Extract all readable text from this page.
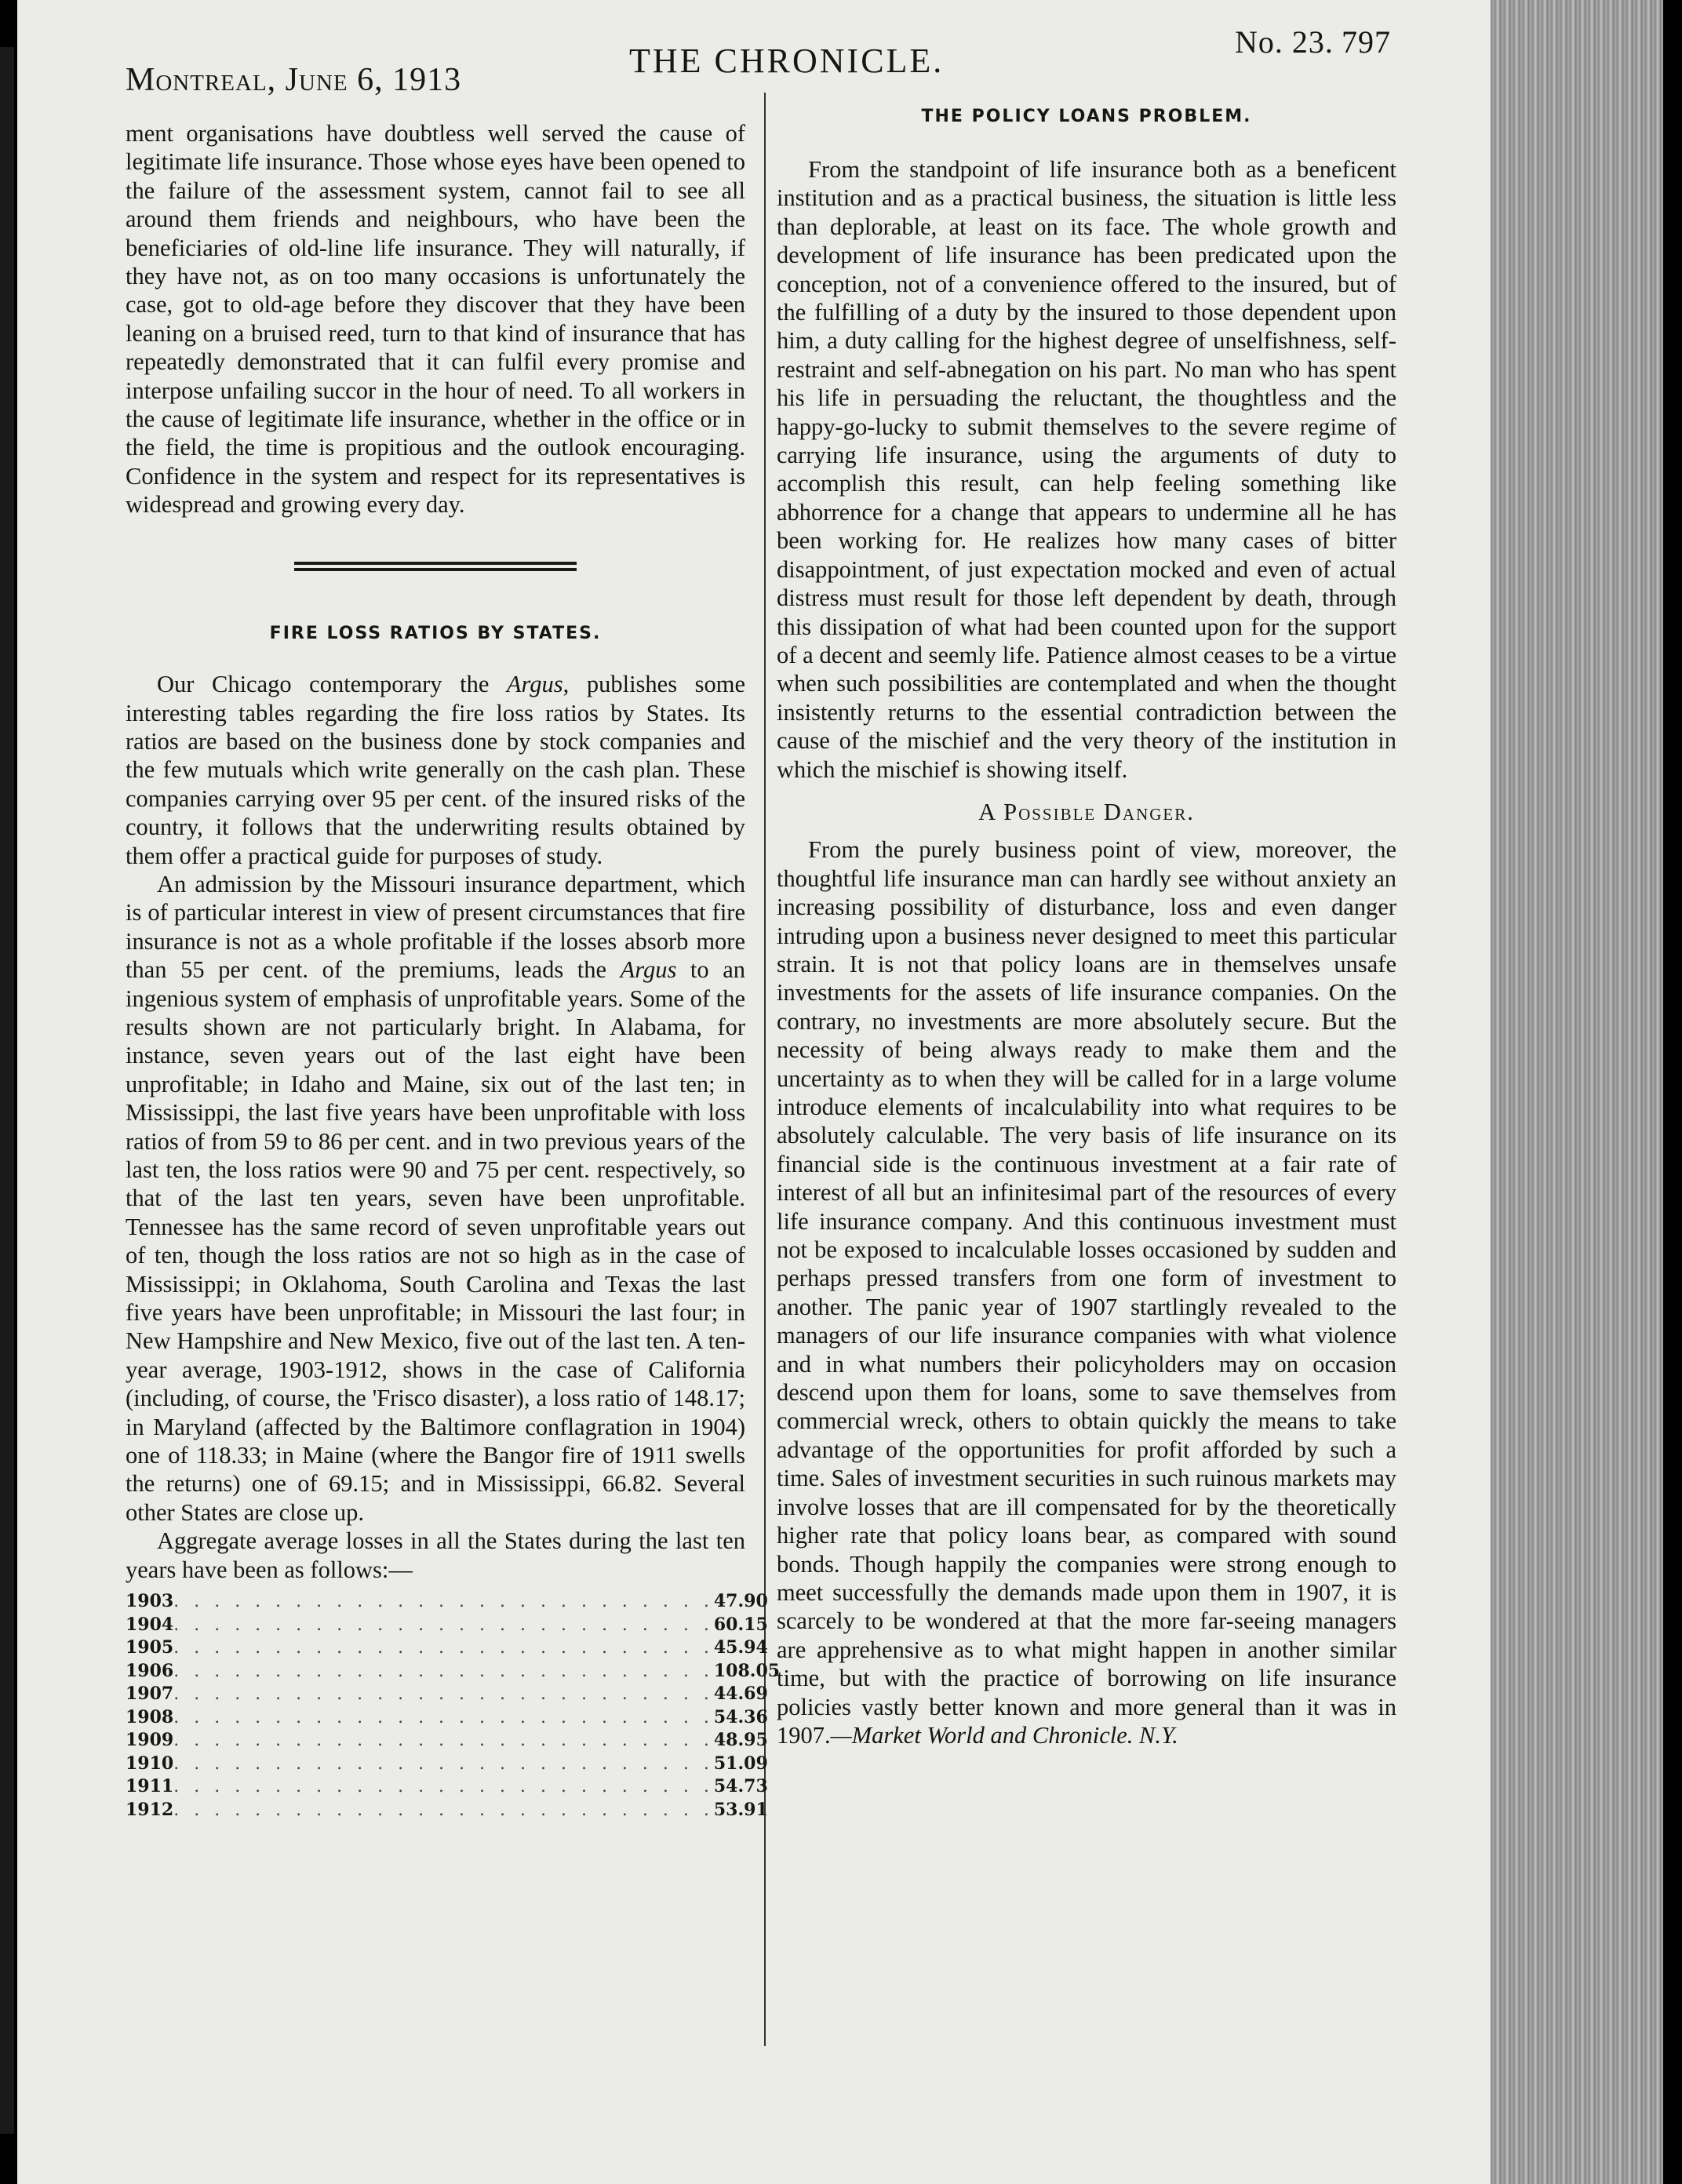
Montreal, June 6, 1913	THE CHRONICLE.	No. 23. 797

ment organisations have doubtless well served the cause of legitimate life insurance. Those whose eyes have been opened to the failure of the assessment system, cannot fail to see all around them friends and neighbours, who have been the beneficiaries of old-line life insurance. They will naturally, if they have not, as on too many occasions is unfortunately the case, got to old-age before they discover that they have been leaning on a bruised reed, turn to that kind of insurance that has repeatedly demonstrated that it can fulfil every promise and interpose unfailing succor in the hour of need. To all workers in the cause of legitimate life insurance, whether in the office or in the field, the time is propitious and the outlook encouraging. Confidence in the system and respect for its representatives is widespread and growing every day.

FIRE LOSS RATIOS BY STATES.

Our Chicago contemporary the Argus, publishes some interesting tables regarding the fire loss ratios by States. Its ratios are based on the business done by stock companies and the few mutuals which write generally on the cash plan. These companies carrying over 95 per cent. of the insured risks of the country, it follows that the underwriting results obtained by them offer a practical guide for purposes of study.

An admission by the Missouri insurance department, which is of particular interest in view of present circumstances that fire insurance is not as a whole profitable if the losses absorb more than 55 per cent. of the premiums, leads the Argus to an ingenious system of emphasis of unprofitable years. Some of the results shown are not particularly bright. In Alabama, for instance, seven years out of the last eight have been unprofitable; in Idaho and Maine, six out of the last ten; in Mississippi, the last five years have been unprofitable with loss ratios of from 59 to 86 per cent. and in two previous years of the last ten, the loss ratios were 90 and 75 per cent. respectively, so that of the last ten years, seven have been unprofitable. Tennessee has the same record of seven unprofitable years out of ten, though the loss ratios are not so high as in the case of Mississippi; in Oklahoma, South Carolina and Texas the last five years have been unprofitable; in Missouri the last four; in New Hampshire and New Mexico, five out of the last ten. A ten-year average, 1903-1912, shows in the case of California (including, of course, the 'Frisco disaster), a loss ratio of 148.17; in Maryland (affected by the Baltimore conflagration in 1904) one of 118.33; in Maine (where the Bangor fire of 1911 swells the returns) one of 69.15; and in Mississippi, 66.82. Several other States are close up.

Aggregate average losses in all the States during the last ten years have been as follows:—

1903 . . . . . . . . . . . . . . . . . . . . . . . . . . . 47.90
1904 . . . . . . . . . . . . . . . . . . . . . . . . . . . 60.15
1905 . . . . . . . . . . . . . . . . . . . . . . . . . . . 45.94
1906 . . . . . . . . . . . . . . . . . . . . . . . . . . . 108.05
1907 . . . . . . . . . . . . . . . . . . . . . . . . . . . 44.69
1908 . . . . . . . . . . . . . . . . . . . . . . . . . . . 54.36
1909 . . . . . . . . . . . . . . . . . . . . . . . . . . . 48.95
1910 . . . . . . . . . . . . . . . . . . . . . . . . . . . 51.09
1911 . . . . . . . . . . . . . . . . . . . . . . . . . . . 54.73
1912 . . . . . . . . . . . . . . . . . . . . . . . . . . . 53.91
THE POLICY LOANS PROBLEM.

From the standpoint of life insurance both as a beneficent institution and as a practical business, the situation is little less than deplorable, at least on its face. The whole growth and development of life insurance has been predicated upon the conception, not of a convenience offered to the insured, but of the fulfilling of a duty by the insured to those dependent upon him, a duty calling for the highest degree of unselfishness, self-restraint and self-abnegation on his part. No man who has spent his life in persuading the reluctant, the thoughtless and the happy-go-lucky to submit themselves to the severe regime of carrying life insurance, using the arguments of duty to accomplish this result, can help feeling something like abhorrence for a change that appears to undermine all he has been working for. He realizes how many cases of bitter disappointment, of just expectation mocked and even of actual distress must result for those left dependent by death, through this dissipation of what had been counted upon for the support of a decent and seemly life. Patience almost ceases to be a virtue when such possibilities are contemplated and when the thought insistently returns to the essential contradiction between the cause of the mischief and the very theory of the institution in which the mischief is showing itself.

A Possible Danger.

From the purely business point of view, moreover, the thoughtful life insurance man can hardly see without anxiety an increasing possibility of disturbance, loss and even danger intruding upon a business never designed to meet this particular strain. It is not that policy loans are in themselves unsafe investments for the assets of life insurance companies. On the contrary, no investments are more absolutely secure. But the necessity of being always ready to make them and the uncertainty as to when they will be called for in a large volume introduce elements of incalculability into what requires to be absolutely calculable. The very basis of life insurance on its financial side is the continuous investment at a fair rate of interest of all but an infinitesimal part of the resources of every life insurance company. And this continuous investment must not be exposed to incalculable losses occasioned by sudden and perhaps pressed transfers from one form of investment to another. The panic year of 1907 startlingly revealed to the managers of our life insurance companies with what violence and in what numbers their policyholders may on occasion descend upon them for loans, some to save themselves from commercial wreck, others to obtain quickly the means to take advantage of the opportunities for profit afforded by such a time. Sales of investment securities in such ruinous markets may involve losses that are ill compensated for by the theoretically higher rate that policy loans bear, as compared with sound bonds. Though happily the companies were strong enough to meet successfully the demands made upon them in 1907, it is scarcely to be wondered at that the more far-seeing managers are apprehensive as to what might happen in another similar time, but with the practice of borrowing on life insurance policies vastly better known and more general than it was in 1907.—Market World and Chronicle. N.Y.
